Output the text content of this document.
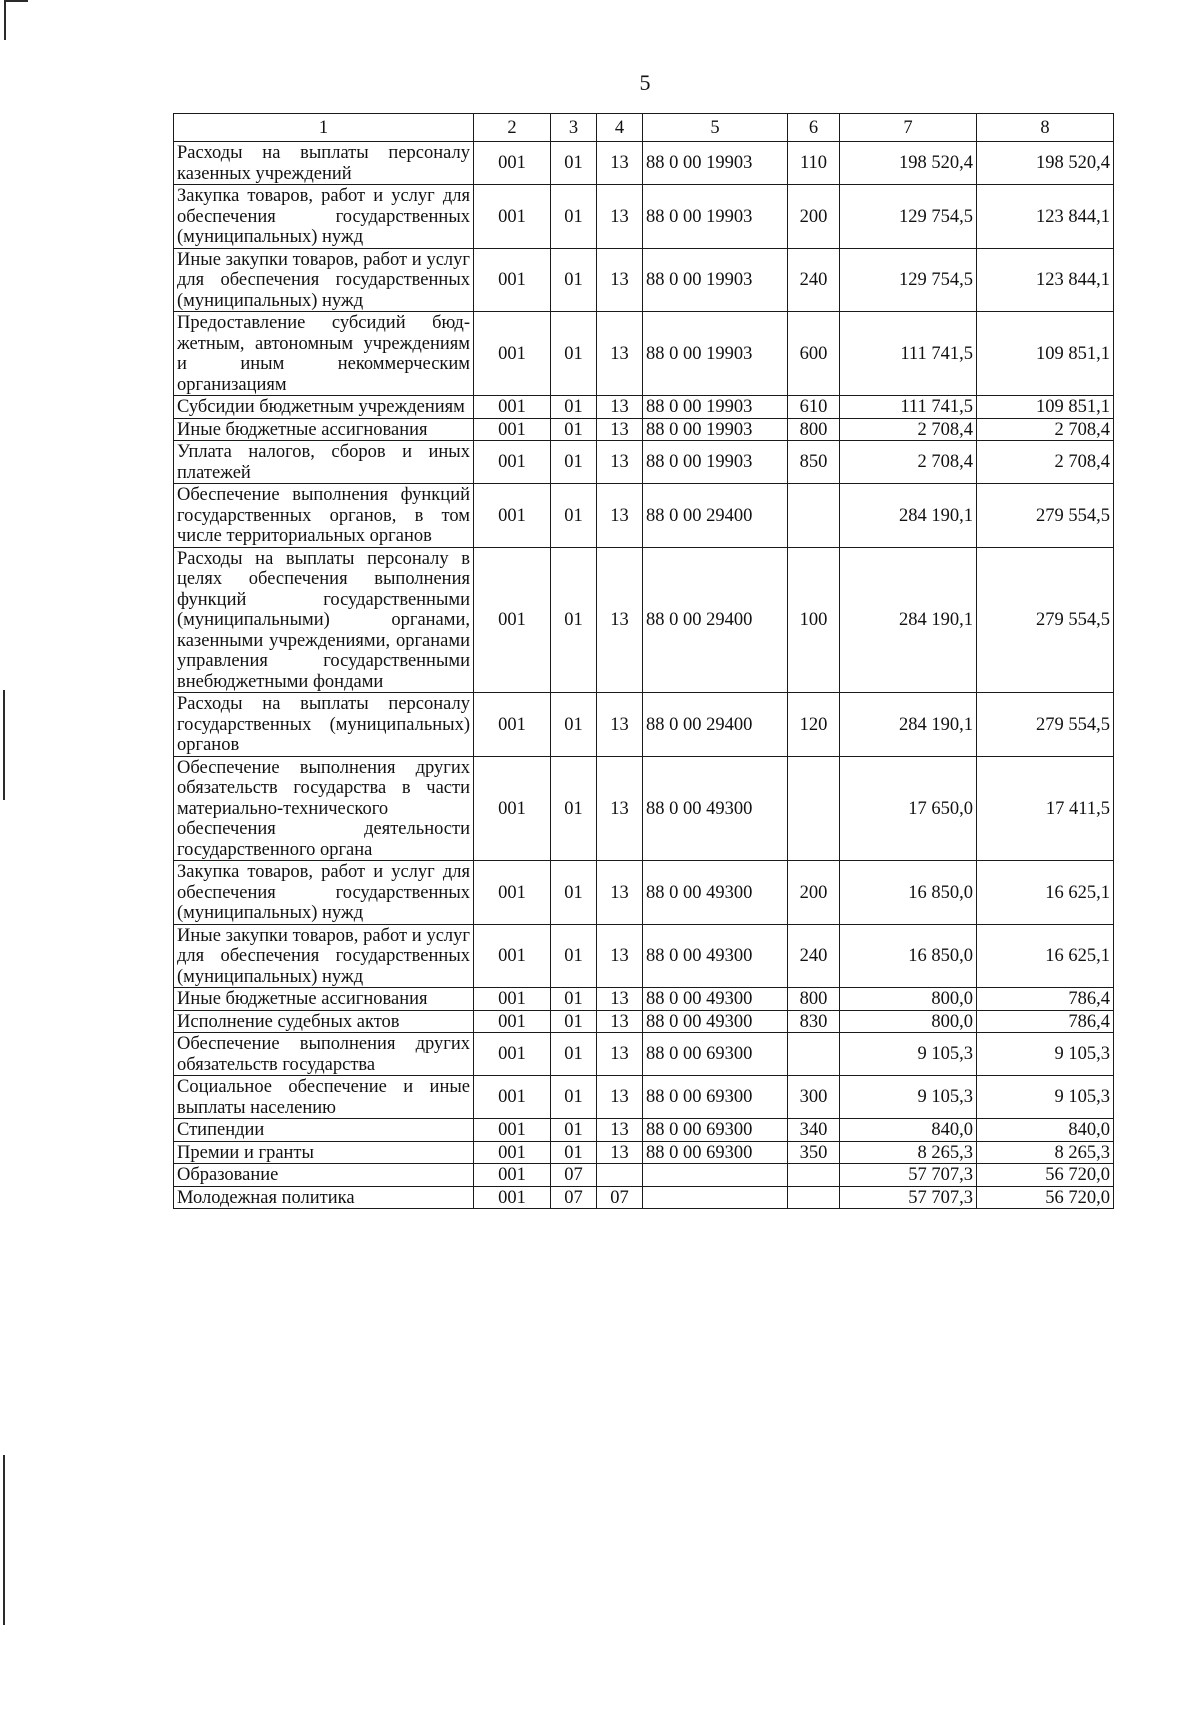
5
1	2	3	4	5	6	7	8
Расходы на выплаты персоналу казенных учреждений	001	01	13	88 0 00 19903	110	198 520,4	198 520,4
Закупка товаров, работ и услуг для обеспечения государственных (муниципальных) нужд	001	01	13	88 0 00 19903	200	129 754,5	123 844,1
Иные закупки товаров, работ и услуг для обеспечения государственных (муниципальных) нужд	001	01	13	88 0 00 19903	240	129 754,5	123 844,1
Предоставление субсидий бюджетным, автономным учреждениям и иным некоммерческим организациям	001	01	13	88 0 00 19903	600	111 741,5	109 851,1
Субсидии бюджетным учреждениям	001	01	13	88 0 00 19903	610	111 741,5	109 851,1
Иные бюджетные ассигнования	001	01	13	88 0 00 19903	800	2 708,4	2 708,4
Уплата налогов, сборов и иных платежей	001	01	13	88 0 00 19903	850	2 708,4	2 708,4
Обеспечение выполнения функций государственных органов, в том числе территориальных органов	001	01	13	88 0 00 29400		284 190,1	279 554,5
Расходы на выплаты персоналу в целях обеспечения выполнения функций государственными (муниципальными) органами, казенными учреждениями, органами управления государственными внебюджетными фондами	001	01	13	88 0 00 29400	100	284 190,1	279 554,5
Расходы на выплаты персоналу государственных (муниципальных) органов	001	01	13	88 0 00 29400	120	284 190,1	279 554,5
Обеспечение выполнения других обязательств государства в части материально-технического обеспечения деятельности государственного органа	001	01	13	88 0 00 49300		17 650,0	17 411,5
Закупка товаров, работ и услуг для обеспечения государственных (муниципальных) нужд	001	01	13	88 0 00 49300	200	16 850,0	16 625,1
Иные закупки товаров, работ и услуг для обеспечения государственных (муниципальных) нужд	001	01	13	88 0 00 49300	240	16 850,0	16 625,1
Иные бюджетные ассигнования	001	01	13	88 0 00 49300	800	800,0	786,4
Исполнение судебных актов	001	01	13	88 0 00 49300	830	800,0	786,4
Обеспечение выполнения других обязательств государства	001	01	13	88 0 00 69300		9 105,3	9 105,3
Социальное обеспечение и иные выплаты населению	001	01	13	88 0 00 69300	300	9 105,3	9 105,3
Стипендии	001	01	13	88 0 00 69300	340	840,0	840,0
Премии и гранты	001	01	13	88 0 00 69300	350	8 265,3	8 265,3
Образование	001	07				57 707,3	56 720,0
Молодежная политика	001	07	07			57 707,3	56 720,0
